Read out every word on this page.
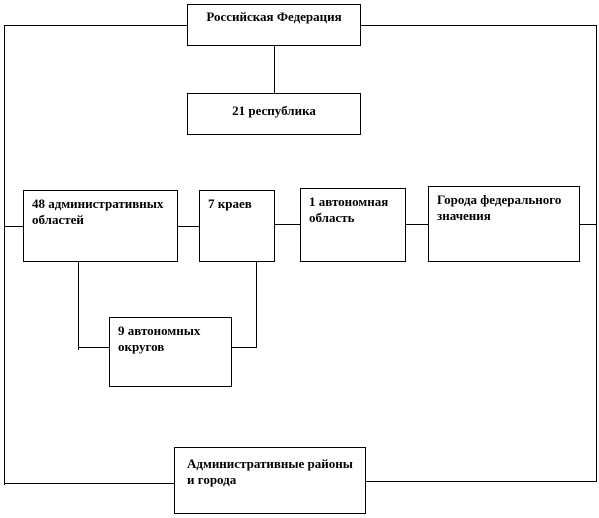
Российская Федерация
21 республика
48 административных областей
7 краев	1 автономная область
Города федерального значения
9 автономных округов
Административные районы и города
